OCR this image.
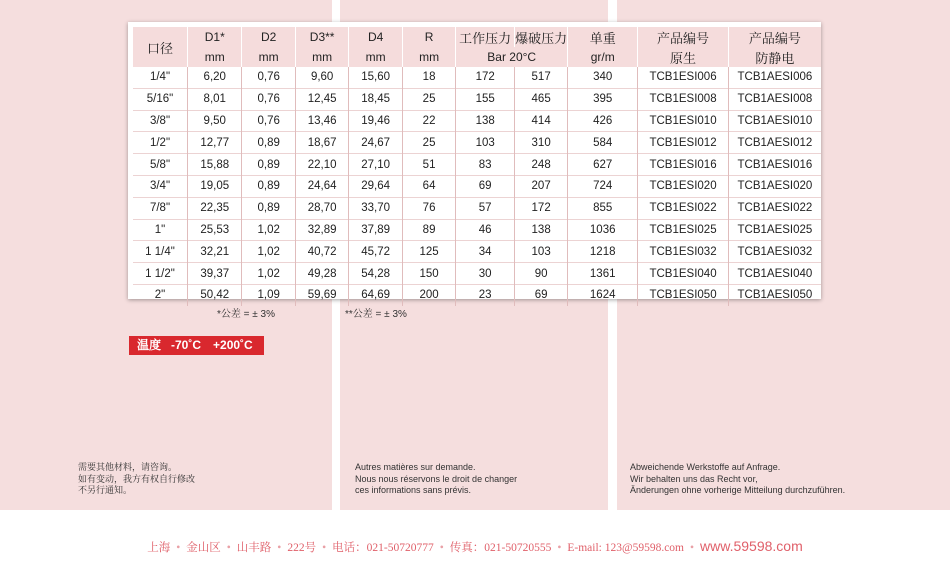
口径	D1*	D2	D3**	D4	R	工作压力	爆破压力	单重	产品编号	产品编号
	mm	mm	mm	mm	mm	Bar 20°C		gr/m	原生	防静电
1/4"	6,20	0,76	9,60	15,60	18	172	517	340	TCB1ESI006	TCB1AESI006
5/16"	8,01	0,76	12,45	18,45	25	155	465	395	TCB1ESI008	TCB1AESI008
3/8"	9,50	0,76	13,46	19,46	22	138	414	426	TCB1ESI010	TCB1AESI010
1/2"	12,77	0,89	18,67	24,67	25	103	310	584	TCB1ESI012	TCB1AESI012
5/8"	15,88	0,89	22,10	27,10	51	83	248	627	TCB1ESI016	TCB1AESI016
3/4"	19,05	0,89	24,64	29,64	64	69	207	724	TCB1ESI020	TCB1AESI020
7/8"	22,35	0,89	28,70	33,70	76	57	172	855	TCB1ESI022	TCB1AESI022
1"	25,53	1,02	32,89	37,89	89	46	138	1036	TCB1ESI025	TCB1AESI025
1 1/4"	32,21	1,02	40,72	45,72	125	34	103	1218	TCB1ESI032	TCB1AESI032
1 1/2"	39,37	1,02	49,28	54,28	150	30	90	1361	TCB1ESI040	TCB1AESI040
2"	50,42	1,09	59,69	64,69	200	23	69	1624	TCB1ESI050	TCB1AESI050
*公差 = ± 3%	**公差 = ± 3%
温度 -70˚C +200˚C
需要其他材料，请咨询。
如有变动，我方有权自行修改
不另行通知。
Autres matières sur demande.
Nous nous réservons le droit de changer
ces informations sans prévis.
Abweichende Werkstoffe auf Anfrage.
Wir behalten uns das Recht vor,
Änderungen ohne vorherige Mitteilung durchzuführen.
上海 • 金山区 • 山丰路 • 222号 • 电话：021-50720777 • 传真：021-50720555 • E-mail: 123@59598.com • www.59598.com
